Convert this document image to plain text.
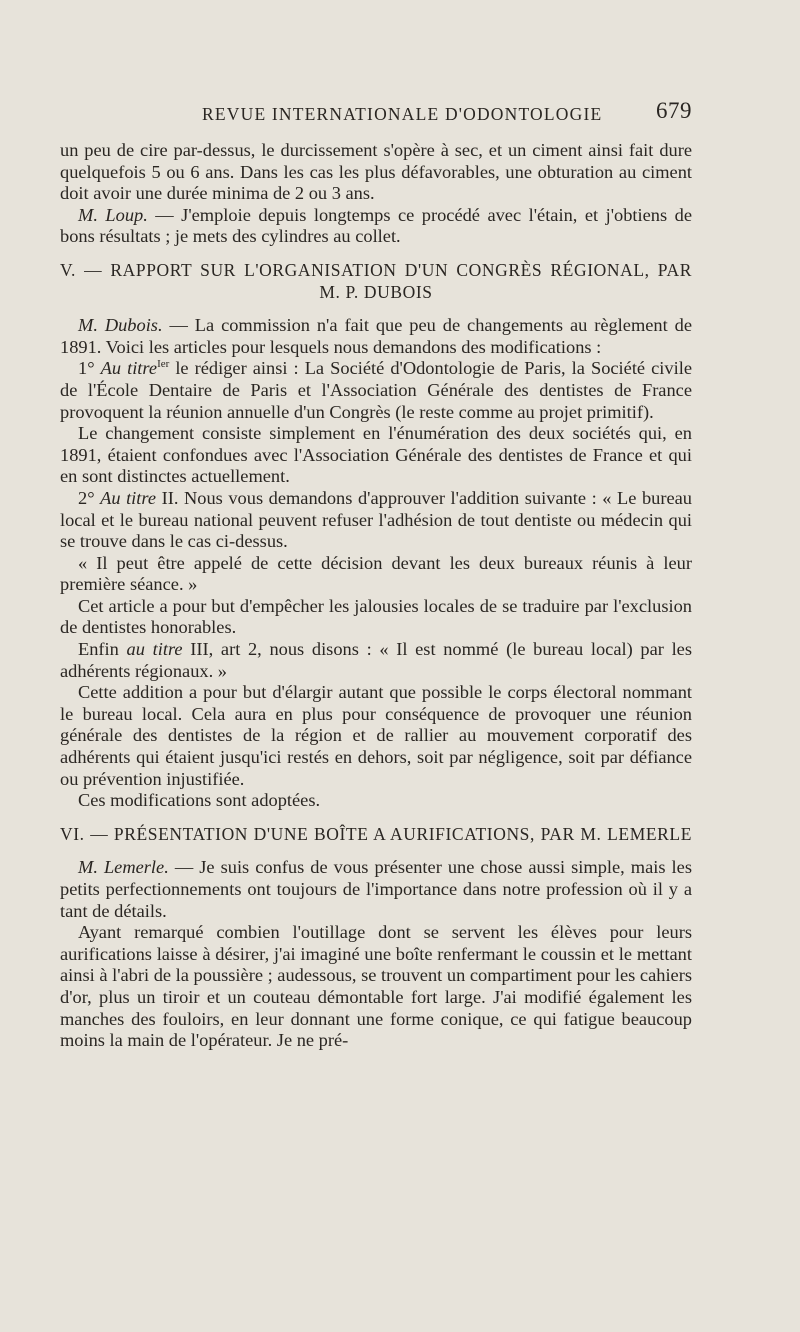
REVUE INTERNATIONALE D'ODONTOLOGIE 679

un peu de cire par-dessus, le durcissement s'opère à sec, et un ciment ainsi fait dure quelquefois 5 ou 6 ans. Dans les cas les plus défavorables, une obturation au ciment doit avoir une durée minima de 2 ou 3 ans.

M. Loup. — J'emploie depuis longtemps ce procédé avec l'étain, et j'obtiens de bons résultats ; je mets des cylindres au collet.

V. — RAPPORT SUR L'ORGANISATION D'UN CONGRÈS RÉGIONAL, PAR
M. P. DUBOIS

M. Dubois. — La commission n'a fait que peu de changements au règlement de 1891. Voici les articles pour lesquels nous demandons des modifications :

1° Au titre$^{Ier}$ le rédiger ainsi : La Société d'Odontologie de Paris, la Société civile de l'École Dentaire de Paris et l'Association Générale des dentistes de France provoquent la réunion annuelle d'un Congrès (le reste comme au projet primitif).

Le changement consiste simplement en l'énumération des deux sociétés qui, en 1891, étaient confondues avec l'Association Générale des dentistes de France et qui en sont distinctes actuellement.

2° Au titre II. Nous vous demandons d'approuver l'addition suivante : « Le bureau local et le bureau national peuvent refuser l'adhésion de tout dentiste ou médecin qui se trouve dans le cas ci-dessus.

« Il peut être appelé de cette décision devant les deux bureaux réunis à leur première séance. »

Cet article a pour but d'empêcher les jalousies locales de se traduire par l'exclusion de dentistes honorables.

Enfin au titre III, art 2, nous disons : « Il est nommé (le bureau local) par les adhérents régionaux. »

Cette addition a pour but d'élargir autant que possible le corps électoral nommant le bureau local. Cela aura en plus pour conséquence de provoquer une réunion générale des dentistes de la région et de rallier au mouvement corporatif des adhérents qui étaient jusqu'ici restés en dehors, soit par négligence, soit par défiance ou prévention injustifiée.

Ces modifications sont adoptées.

VI. — PRÉSENTATION D'UNE BOÎTE A AURIFICATIONS, PAR M. LEMERLE

M. Lemerle. — Je suis confus de vous présenter une chose aussi simple, mais les petits perfectionnements ont toujours de l'importance dans notre profession où il y a tant de détails.

Ayant remarqué combien l'outillage dont se servent les élèves pour leurs aurifications laisse à désirer, j'ai imaginé une boîte renfermant le coussin et le mettant ainsi à l'abri de la poussière ; audessous, se trouvent un compartiment pour les cahiers d'or, plus un tiroir et un couteau démontable fort large. J'ai modifié également les manches des fouloirs, en leur donnant une forme conique, ce qui fatigue beaucoup moins la main de l'opérateur. Je ne pré-
